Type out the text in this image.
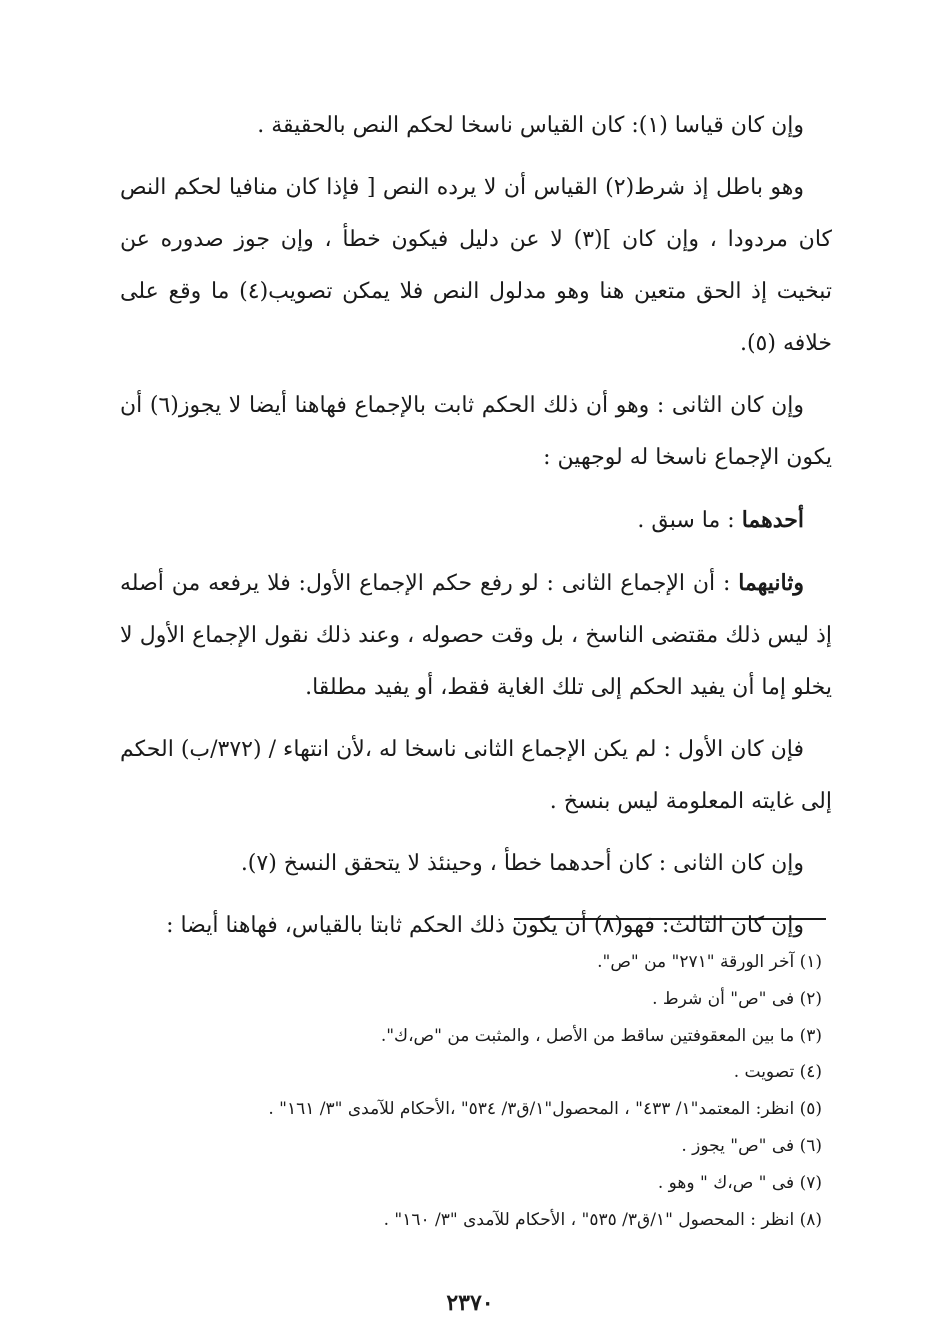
وإن كان قياسا (١): كان القياس ناسخا لحكم النص بالحقيقة .

وهو باطل إذ شرط(٢) القياس أن لا يرده النص [ فإذا كان منافيا لحكم النص كان مردودا ، وإن كان ](٣) لا عن دليل فيكون خطأ ، وإن جوز صدوره عن تبخيت إذ الحق متعين هنا وهو مدلول النص فلا يمكن تصويب(٤) ما وقع على خلافه (٥).

وإن كان الثانى : وهو أن ذلك الحكم ثابت بالإجماع فهاهنا أيضا لا يجوز(٦) أن يكون الإجماع ناسخا له لوجهين :

أحدهما : ما سبق .

وثانيهما : أن الإجماع الثانى : لو رفع حكم الإجماع الأول: فلا يرفعه من أصله إذ ليس ذلك مقتضى الناسخ ، بل وقت حصوله ، وعند ذلك نقول الإجماع الأول لا يخلو إما أن يفيد الحكم إلى تلك الغاية فقط، أو يفيد مطلقا.

فإن كان الأول : لم يكن الإجماع الثانى ناسخا له ،لأن انتهاء / (٣٧٢/ب) الحكم إلى غايته المعلومة ليس بنسخ .

وإن كان الثانى : كان أحدهما خطأ ، وحينئذ لا يتحقق النسخ (٧).

وإن كان الثالث: فهو(٨) أن يكون ذلك الحكم ثابتا بالقياس، فهاهنا أيضا :

(١) آخر الورقة "٢٧١" من "ص".
(٢) فى "ص" أن شرط .
(٣) ما بين المعقوفتين ساقط من الأصل ، والمثبت من "ص،ك".
(٤) تصويت .
(٥) انظر: المعتمد"١/ ٤٣٣" ، المحصول"١/ق٣/ ٥٣٤" ،الأحكام للآمدى "٣/ ١٦١" .
(٦) فى "ص" يجوز .
(٧) فى " ص،ك " وهو .
(٨) انظر : المحصول "١/ق٣/ ٥٣٥" ، الأحكام للآمدى "٣/ ١٦٠" .
٢٣٧٠
